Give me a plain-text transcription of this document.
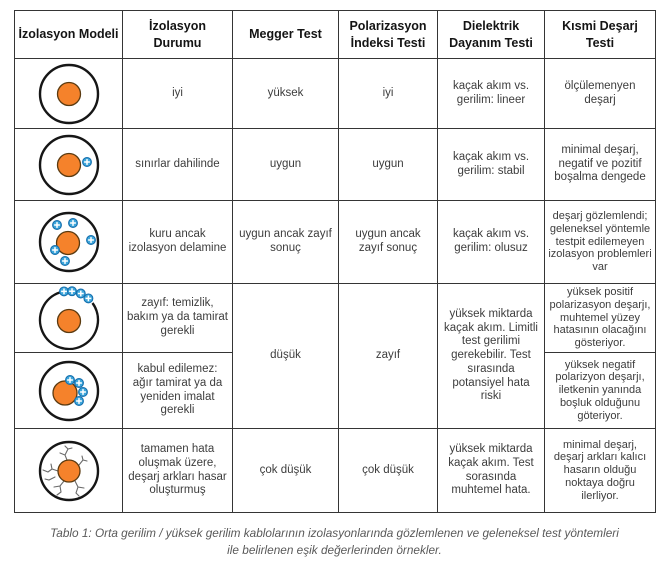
İzolasyon Modeli	İzolasyon Durumu	Megger Test	Polarizasyon İndeksi Testi	Dielektrik Dayanım Testi	Kısmi Deşarj Testi

	iyi	yüksek	iyi	kaçak akım vs. gerilim: lineer	ölçülemenyen deşarj

	sınırlar dahilinde	uygun	uygun	kaçak akım vs. gerilim: stabil	minimal deşarj, negatif ve pozitif boşalma dengede

	kuru ancak izolasyon delamine	uygun ancak zayıf sonuç	uygun ancak zayıf sonuç	kaçak akım vs. gerilim: olusuz	deşarj gözlemlendi; geleneksel yöntemle testpit edilemeyen izolasyon problemleri var

	zayıf: temizlik, bakım ya da tamirat gerekli	düşük	zayıf	yüksek miktarda kaçak akım. Limitli test gerilimi gerekebilir. Test sırasında potansiyel hata riski	yüksek positif polarizasyon deşarjı, muhtemel yüzey hatasının olacağını gösteriyor.

	kabul edilemez: ağır tamirat ya da yeniden imalat gerekli				yüksek negatif polarizyon deşarjı, iletkenin yanında boşluk olduğunu göteriyor.

	tamamen hata oluşmak üzere, deşarj arkları hasar oluşturmuş	çok düşük	çok düşük	yüksek miktarda kaçak akım. Test sorasında muhtemel hata.	minimal deşarj, deşarj arkları kalıcı hasarın olduğu noktaya doğru ilerliyor.
Tablo 1: Orta gerilim / yüksek gerilim kablolarının izolasyonlarında gözlemlenen ve geleneksel test yöntemleri ile belirlenen eşik değerlerinden örnekler.
